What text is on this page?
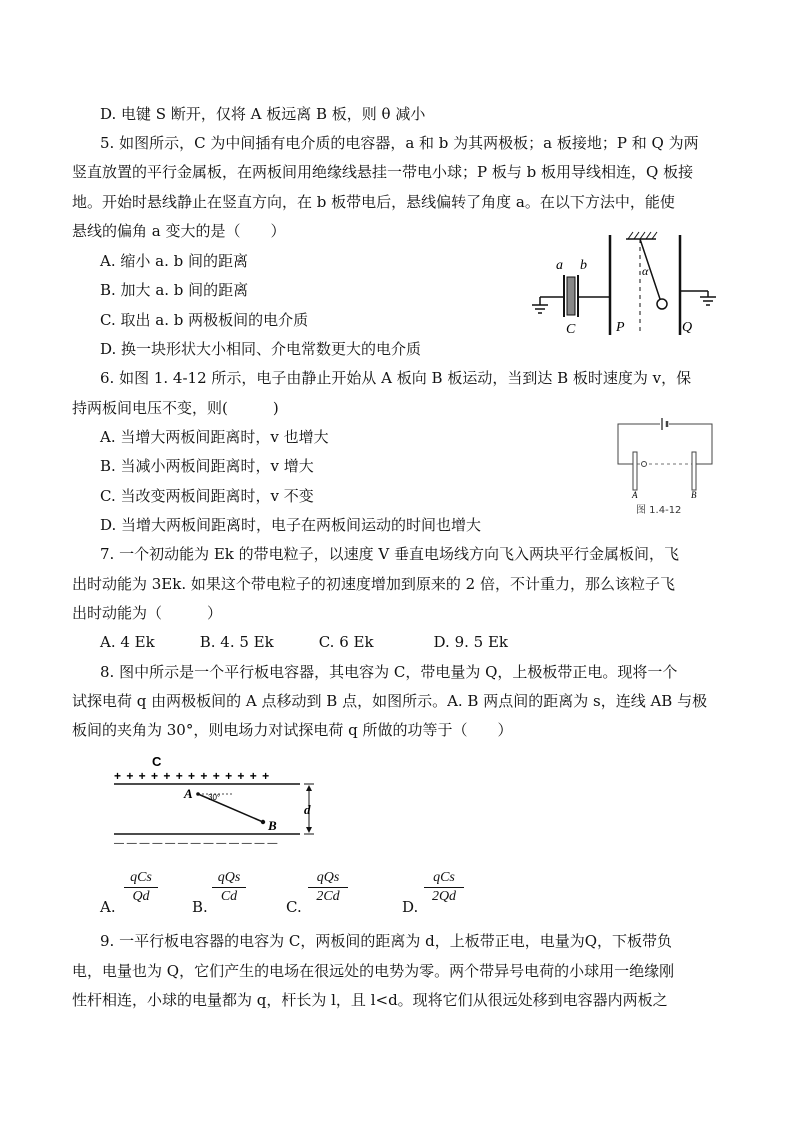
D. 电键 S 断开，仅将 A 板远离 B 板，则 θ 减小
5. 如图所示，C 为中间插有电介质的电容器，a 和 b 为其两极板；a 板接地；P 和 Q 为两
竖直放置的平行金属板，在两板间用绝缘线悬挂一带电小球；P 板与 b 板用导线相连，Q 板接
地。开始时悬线静止在竖直方向，在 b 板带电后，悬线偏转了角度 a。在以下方法中，能使
悬线的偏角 a 变大的是（　　）
A. 缩小 a. b 间的距离
B. 加大 a. b 间的距离
C. 取出 a. b 两极板间的电介质
D. 换一块形状大小相同、介电常数更大的电介质
6. 如图 1. 4-12 所示，电子由静止开始从 A 板向 B 板运动，当到达 B 板时速度为 v，保
持两板间电压不变，则(　　　)
A. 当增大两板间距离时，v 也增大
B. 当减小两板间距离时，v 增大
C. 当改变两板间距离时，v 不变
D. 当增大两板间距离时，电子在两板间运动的时间也增大
7. 一个初动能为 Ek 的带电粒子，以速度 V 垂直电场线方向飞入两块平行金属板间，飞
出时动能为 3Ek. 如果这个带电粒子的初速度增加到原来的 2 倍，不计重力，那么该粒子飞
出时动能为（　　　）
A. 4 Ek　　　B. 4. 5 Ek　　　C. 6 Ek　　　　D. 9. 5 Ek
8. 图中所示是一个平行板电容器，其电容为 C，带电量为 Q，上极板带正电。现将一个
试探电荷 q 由两极板间的 A 点移动到 B 点，如图所示。A. B 两点间的距离为 s，连线 AB 与极
板间的夹角为 30°，则电场力对试探电荷 q 所做的功等于（　　）
9. 一平行板电容器的电容为 C，两板间的距离为 d，上板带正电，电量为Q，下板带负
电，电量也为 Q，它们产生的电场在很远处的电势为零。两个带异号电荷的小球用一绝缘刚
性杆相连，小球的电量都为 q，杆长为 l，且 l<d。现将它们从很远处移到电容器内两板之
a b
C	P	Q
α
A	B
图 1.4-12
C
+ + + + + + + + + + + + +
— — — — — — — — — — — — —
d
A
B
30°
A.
qCs
Qd
B.
qQs
Cd
C.
qQs
2Cd
D.
qCs
2Qd
